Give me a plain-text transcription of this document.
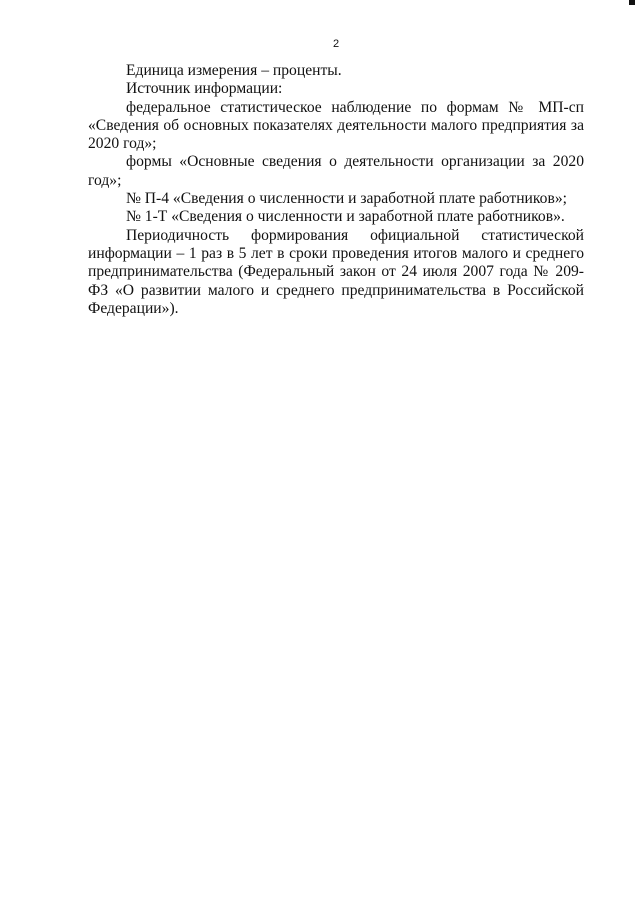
2

Единица измерения – проценты.

Источник информации:

федеральное статистическое наблюдение по формам № МП-сп «Сведения об основных показателях деятельности малого предприятия за 2020 год»;

формы «Основные сведения о деятельности организации за 2020 год»;

№ П-4 «Сведения о численности и заработной плате работников»;

№ 1-Т «Сведения о численности и заработной плате работников».

Периодичность формирования официальной статистической информации – 1 раз в 5 лет в сроки проведения итогов малого и среднего предпринимательства (Федеральный закон от 24 июля 2007 года № 209-ФЗ «О развитии малого и среднего предпринимательства в Российской Федерации»).
